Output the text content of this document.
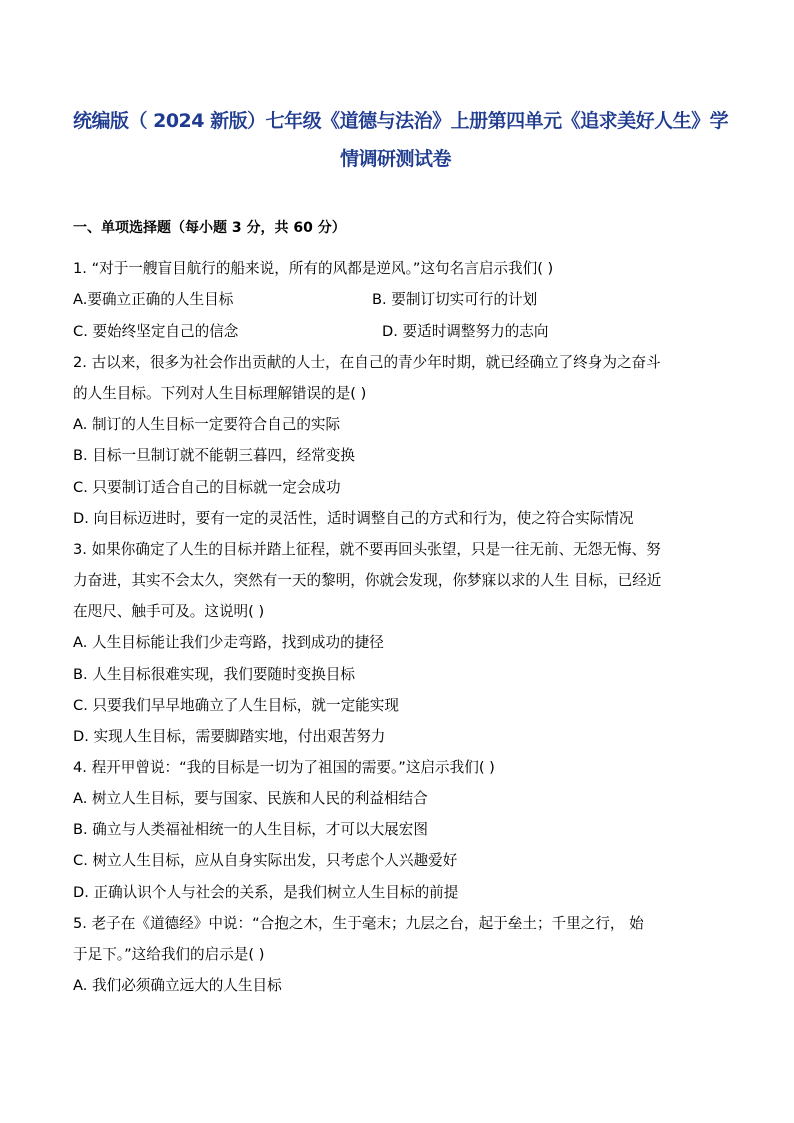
统编版（ 2024 新版）七年级《道德与法治》上册第四单元《追求美好人生》学
情调研测试卷
一、单项选择题（每小题 3 分，共 60 分）
1. “对于一艘盲目航行的船来说，所有的风都是逆风。”这句名言启示我们( )
A.要确立正确的人生目标	B. 要制订切实可行的计划
C. 要始终坚定自己的信念	D. 要适时调整努力的志向
2. 古以来，很多为社会作出贡献的人士，在自己的青少年时期，就已经确立了终身为之奋斗
的人生目标。下列对人生目标理解错误的是( )
A. 制订的人生目标一定要符合自己的实际
B. 目标一旦制订就不能朝三暮四，经常变换
C. 只要制订适合自己的目标就一定会成功
D. 向目标迈进时，要有一定的灵活性，适时调整自己的方式和行为，使之符合实际情况
3. 如果你确定了人生的目标并踏上征程，就不要再回头张望，只是一往无前、无怨无悔、努
力奋进，其实不会太久，突然有一天的黎明，你就会发现，你梦寐以求的人生 目标，已经近
在咫尺、触手可及。这说明( )
A. 人生目标能让我们少走弯路，找到成功的捷径
B. 人生目标很难实现，我们要随时变换目标
C. 只要我们早早地确立了人生目标，就一定能实现
D. 实现人生目标，需要脚踏实地，付出艰苦努力
4. 程开甲曾说：“我的目标是一切为了祖国的需要。”这启示我们( )
A. 树立人生目标，要与国家、民族和人民的利益相结合
B. 确立与人类福祉相统一的人生目标，才可以大展宏图
C. 树立人生目标，应从自身实际出发，只考虑个人兴趣爱好
D. 正确认识个人与社会的关系，是我们树立人生目标的前提
5. 老子在《道德经》中说：“合抱之木，生于毫末；九层之台，起于垒土；千里之行， 始
于足下。”这给我们的启示是( )
A. 我们必须确立远大的人生目标
